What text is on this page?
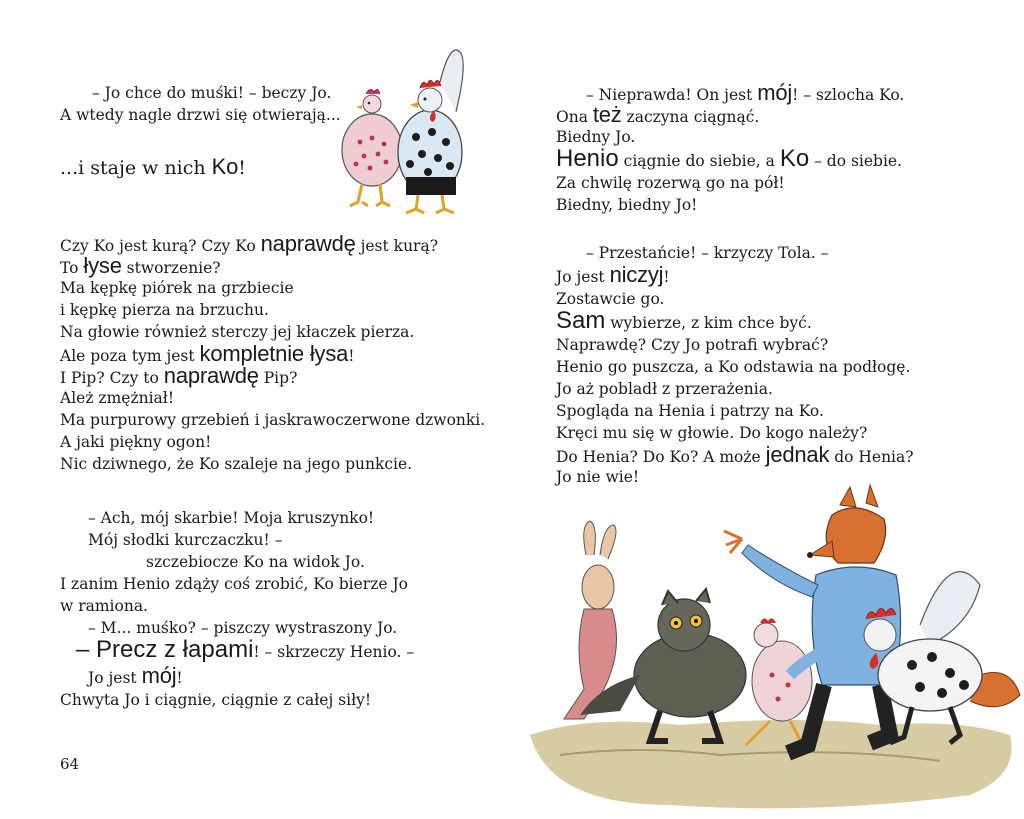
– Jo chce do muśki! – beczy Jo.
A wtedy nagle drzwi się otwierają...
...i staje w nich Ko!
Czy Ko jest kurą? Czy Ko naprawdę jest kurą?
To łyse stworzenie?
Ma kępkę piórek na grzbiecie
i kępkę pierza na brzuchu.
Na głowie również sterczy jej kłaczek pierza.
Ale poza tym jest kompletnie łysa!
I Pip? Czy to naprawdę Pip?
Ależ zmężniał!
Ma purpurowy grzebień i jaskrawoczerwone dzwonki.
A jaki piękny ogon!
Nic dziwnego, że Ko szaleje na jego punkcie.
– Ach, mój skarbie! Moja kruszynko!
Mój słodki kurczaczku! –
szczebiocze Ko na widok Jo.
I zanim Henio zdąży coś zrobić, Ko bierze Jo
w ramiona.
– M... muśko? – piszczy wystraszony Jo.
– Precz z łapami! – skrzeczy Henio. –
Jo jest mój!
Chwyta Jo i ciągnie, ciągnie z całej siły!
64
– Nieprawda! On jest mój! – szlocha Ko.
Ona też zaczyna ciągnąć.
Biedny Jo.
Henio ciągnie do siebie, a Ko – do siebie.
Za chwilę rozerwą go na pół!
Biedny, biedny Jo!
– Przestańcie! – krzyczy Tola. –
Jo jest niczyj!
Zostawcie go.
Sam wybierze, z kim chce być.
Naprawdę? Czy Jo potrafi wybrać?
Henio go puszcza, a Ko odstawia na podłogę.
Jo aż pobladł z przerażenia.
Spogląda na Henia i patrzy na Ko.
Kręci mu się w głowie. Do kogo należy?
Do Henia? Do Ko? A może jednak do Henia?
Jo nie wie!
